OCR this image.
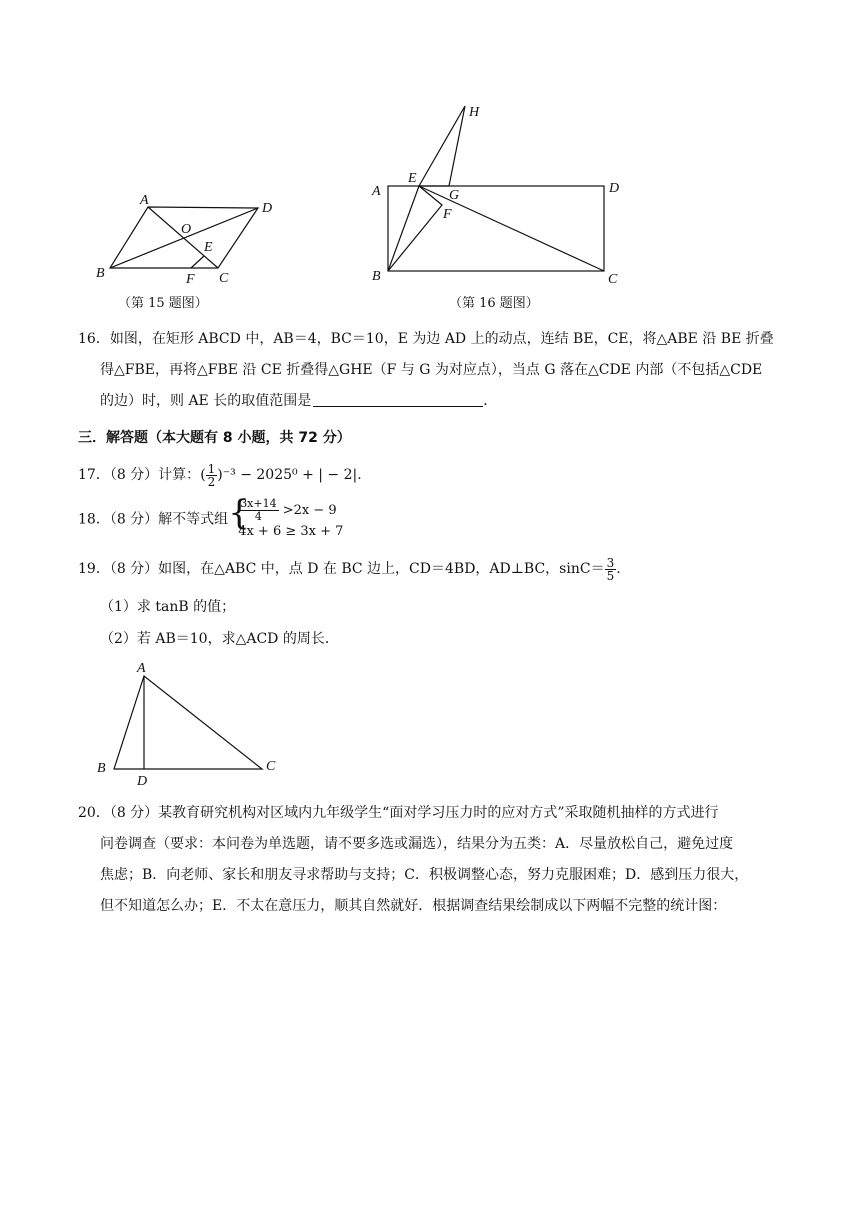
A
D
O
E
B	F C
（第 15 题图）
H
E
G
A	D
F
B	C
（第 16 题图）
16．如图，在矩形 ABCD 中，AB＝4，BC＝10，E 为边 AD 上的动点，连结 BE，CE，将△ABE 沿 BE 折叠
得△FBE，再将△FBE 沿 CE 折叠得△GHE（F 与 G 为对应点），当点 G 落在△CDE 内部（不包括△CDE
的边）时，则 AE 长的取值范围是	．
三．解答题（本大题有 8 小题，共 72 分）
17．（8 分）计算：( $\frac{1}{2} )^{-3} - 2025^0$ + | − 2|.
18．（8 分）解不等式组 {
$\frac{3x+14}{4} >2x - 9$
4x + 6 ≥ 3x + 7
19．（8 分）如图，在△ABC 中，点 D 在 BC 边上，CD＝4BD，AD⊥BC，$\sin C= \frac{3}{5}$ .
（1）求 tanB 的值；
（2）若 AB＝10，求△ACD 的周长．
A
B
D
C
20．（8 分）某教育研究机构对区域内九年级学生“面对学习压力时的应对方式”采取随机抽样的方式进行
问卷调查（要求：本问卷为单选题，请不要多选或漏选），结果分为五类：A．尽量放松自己，避免过度
焦虑；B．向老师、家长和朋友寻求帮助与支持；C．积极调整心态，努力克服困难；D．感到压力很大，
但不知道怎么办；E．不太在意压力，顺其自然就好．根据调查结果绘制成以下两幅不完整的统计图：
